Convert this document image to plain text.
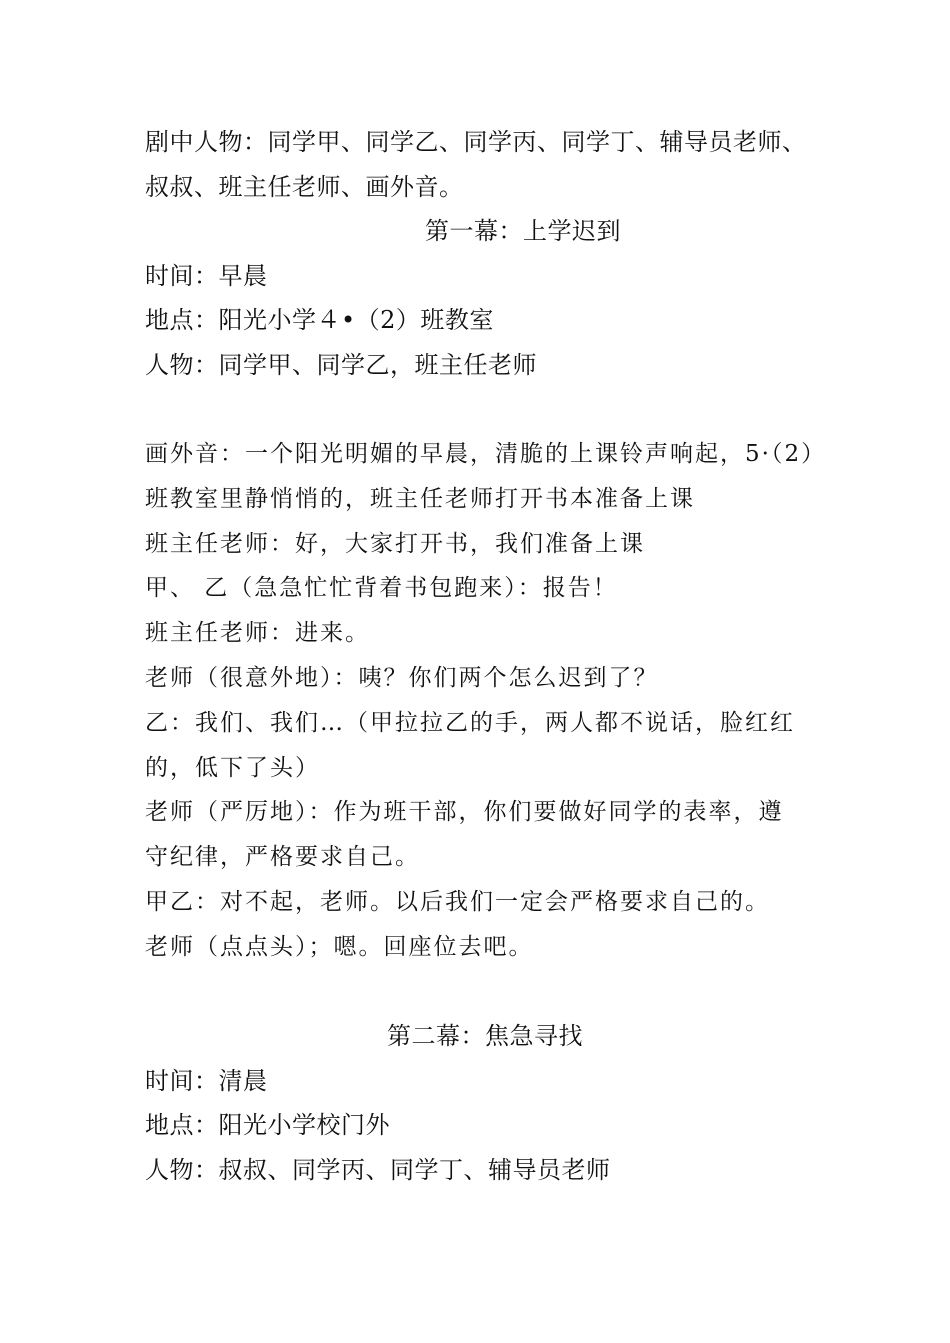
剧中人物：同学甲、同学乙、同学丙、同学丁、辅导员老师、
叔叔、班主任老师、画外音。
第一幕：上学迟到
时间：早晨
地点：阳光小学４•（2）班教室
人物：同学甲、同学乙，班主任老师
画外音：一个阳光明媚的早晨，清脆的上课铃声响起，5·（2）
班教室里静悄悄的，班主任老师打开书本准备上课
班主任老师：好，大家打开书，我们准备上课
甲、 乙（急急忙忙背着书包跑来）：报告！
班主任老师：进来。
老师（很意外地）：咦？你们两个怎么迟到了？
乙：我们、我们…（甲拉拉乙的手，两人都不说话，脸红红
的，低下了头）
老师（严厉地）：作为班干部，你们要做好同学的表率，遵
守纪律，严格要求自己。
甲乙：对不起，老师。以后我们一定会严格要求自己的。
老师（点点头）；嗯。回座位去吧。
第二幕：焦急寻找
时间：清晨
地点：阳光小学校门外
人物：叔叔、同学丙、同学丁、辅导员老师
